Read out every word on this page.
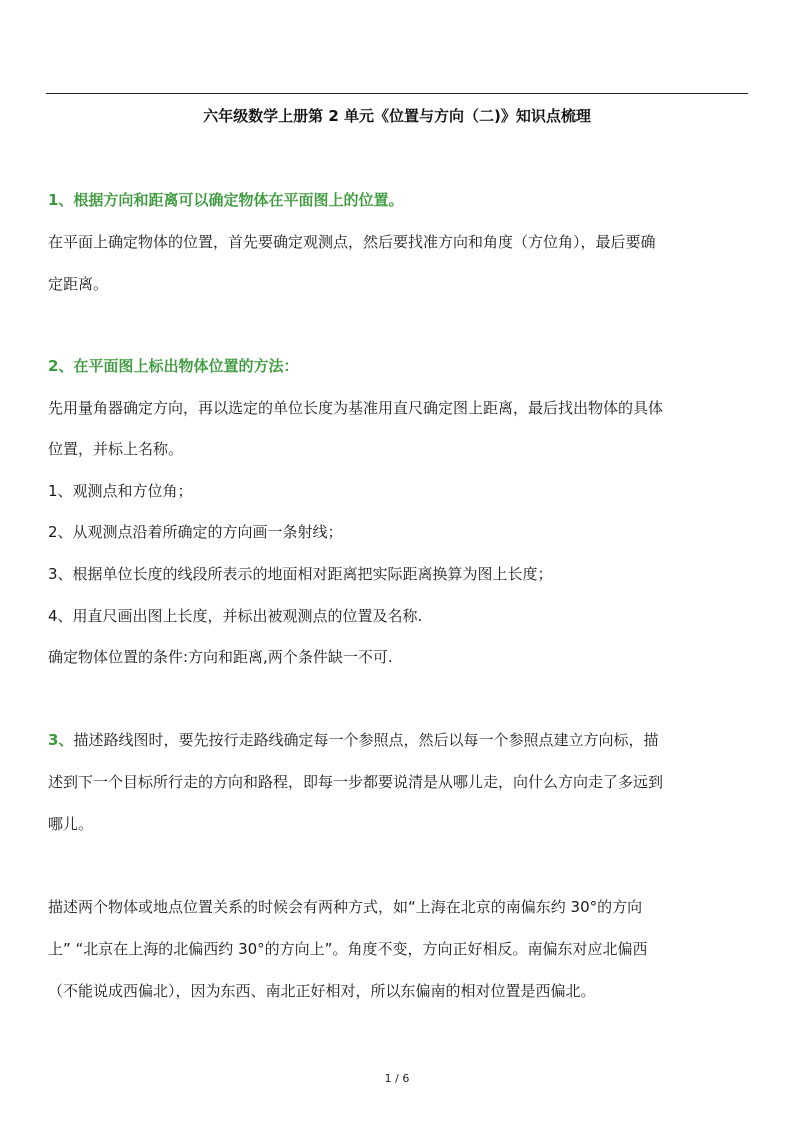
六年级数学上册第 2 单元《位置与方向（二)》知识点梳理
1、根据方向和距离可以确定物体在平面图上的位置。
在平面上确定物体的位置，首先要确定观测点，然后要找准方向和角度（方位角），最后要确
定距离。
2、在平面图上标出物体位置的方法：
先用量角器确定方向，再以选定的单位长度为基准用直尺确定图上距离，最后找出物体的具体
位置，并标上名称。
1、观测点和方位角；
2、从观测点沿着所确定的方向画一条射线；
3、根据单位长度的线段所表示的地面相对距离把实际距离换算为图上长度；
4、用直尺画出图上长度，并标出被观测点的位置及名称.
确定物体位置的条件:方向和距离,两个条件缺一不可.
3、描述路线图时，要先按行走路线确定每一个参照点，然后以每一个参照点建立方向标，描
述到下一个目标所行走的方向和路程，即每一步都要说清是从哪儿走，向什么方向走了多远到
哪儿。
描述两个物体或地点位置关系的时候会有两种方式，如“上海在北京的南偏东约 30°的方向
上” “北京在上海的北偏西约 30°的方向上”。角度不变，方向正好相反。南偏东对应北偏西
（不能说成西偏北），因为东西、南北正好相对，所以东偏南的相对位置是西偏北。
1 / 6
